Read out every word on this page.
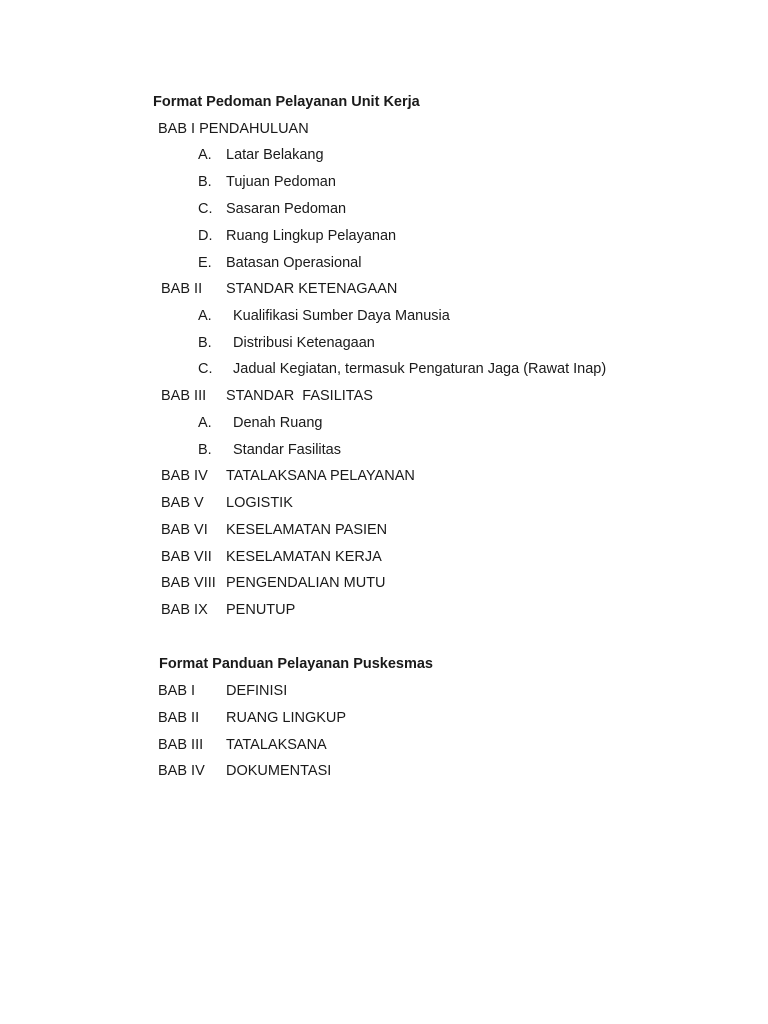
Format Pedoman Pelayanan Unit Kerja
BAB I PENDAHULUAN
A. Latar Belakang
B. Tujuan Pedoman
C. Sasaran Pedoman
D. Ruang Lingkup Pelayanan
E. Batasan Operasional
BAB II STANDAR KETENAGAAN
A. Kualifikasi Sumber Daya Manusia
B. Distribusi Ketenagaan
C. Jadual Kegiatan, termasuk Pengaturan Jaga (Rawat Inap)
BAB III STANDAR  FASILITAS
A. Denah Ruang
B. Standar Fasilitas
BAB IV TATALAKSANA PELAYANAN
BAB V LOGISTIK
BAB VI KESELAMATAN PASIEN
BAB VII KESELAMATAN KERJA
BAB VIII PENGENDALIAN MUTU
BAB IX PENUTUP
Format Panduan Pelayanan Puskesmas
BAB I DEFINISI
BAB II RUANG LINGKUP
BAB III TATALAKSANA
BAB IV DOKUMENTASI
